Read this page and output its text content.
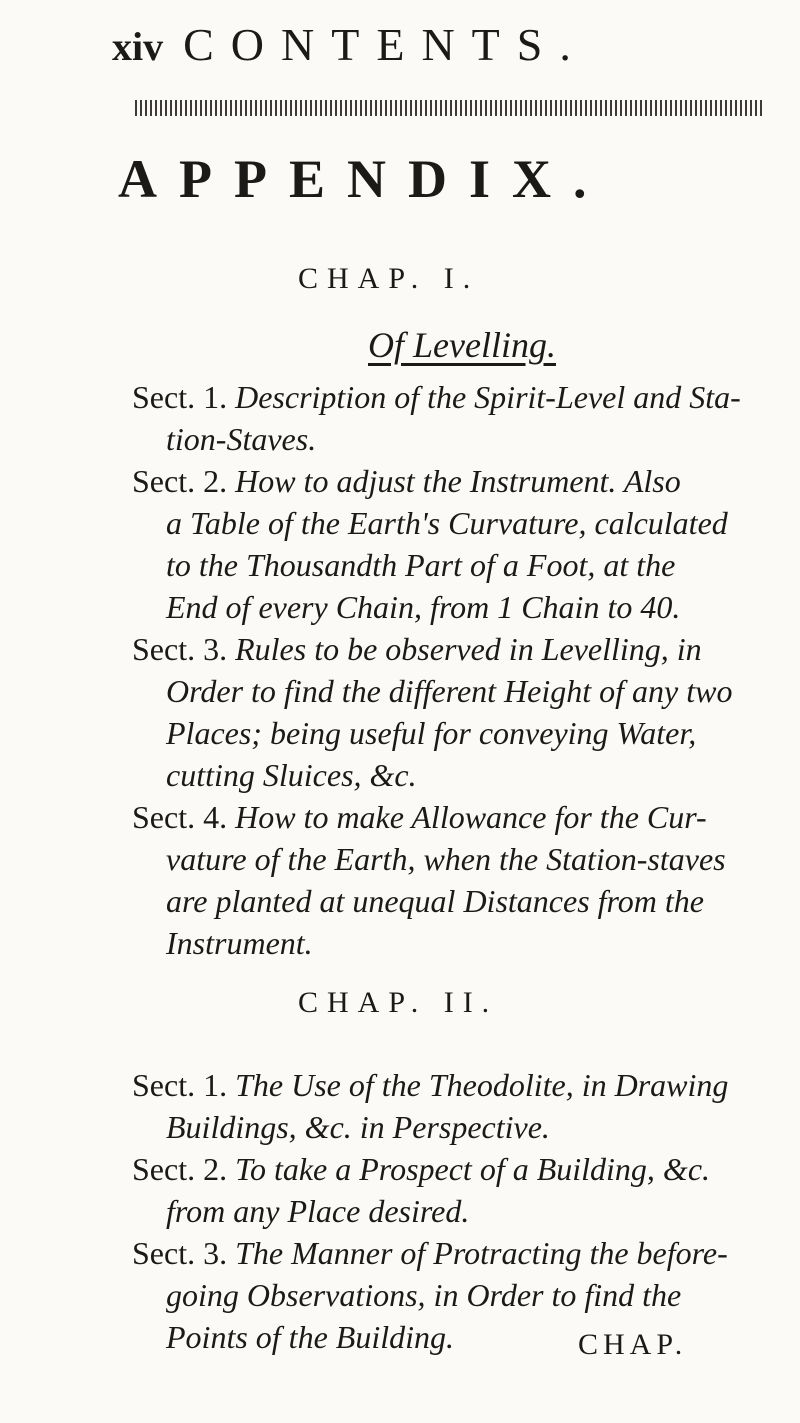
xiv CONTENTS.
APPENDIX.
CHAP. I.
Of Levelling.
Sect. 1. Description of the Spirit-Level and Sta-
tion-Staves.
Sect. 2. How to adjust the Instrument. Also
a Table of the Earth's Curvature, calculated
to the Thousandth Part of a Foot, at the
End of every Chain, from 1 Chain to 40.
Sect. 3. Rules to be observed in Levelling, in
Order to find the different Height of any two
Places; being useful for conveying Water,
cutting Sluices, &c.
Sect. 4. How to make Allowance for the Cur-
vature of the Earth, when the Station-staves
are planted at unequal Distances from the
Instrument.
CHAP. II.
Sect. 1. The Use of the Theodolite, in Drawing
Buildings, &c. in Perspective.
Sect. 2. To take a Prospect of a Building, &c.
from any Place desired.
Sect. 3. The Manner of Protracting the before-
going Observations, in Order to find the
Points of the Building.	CHAP.
